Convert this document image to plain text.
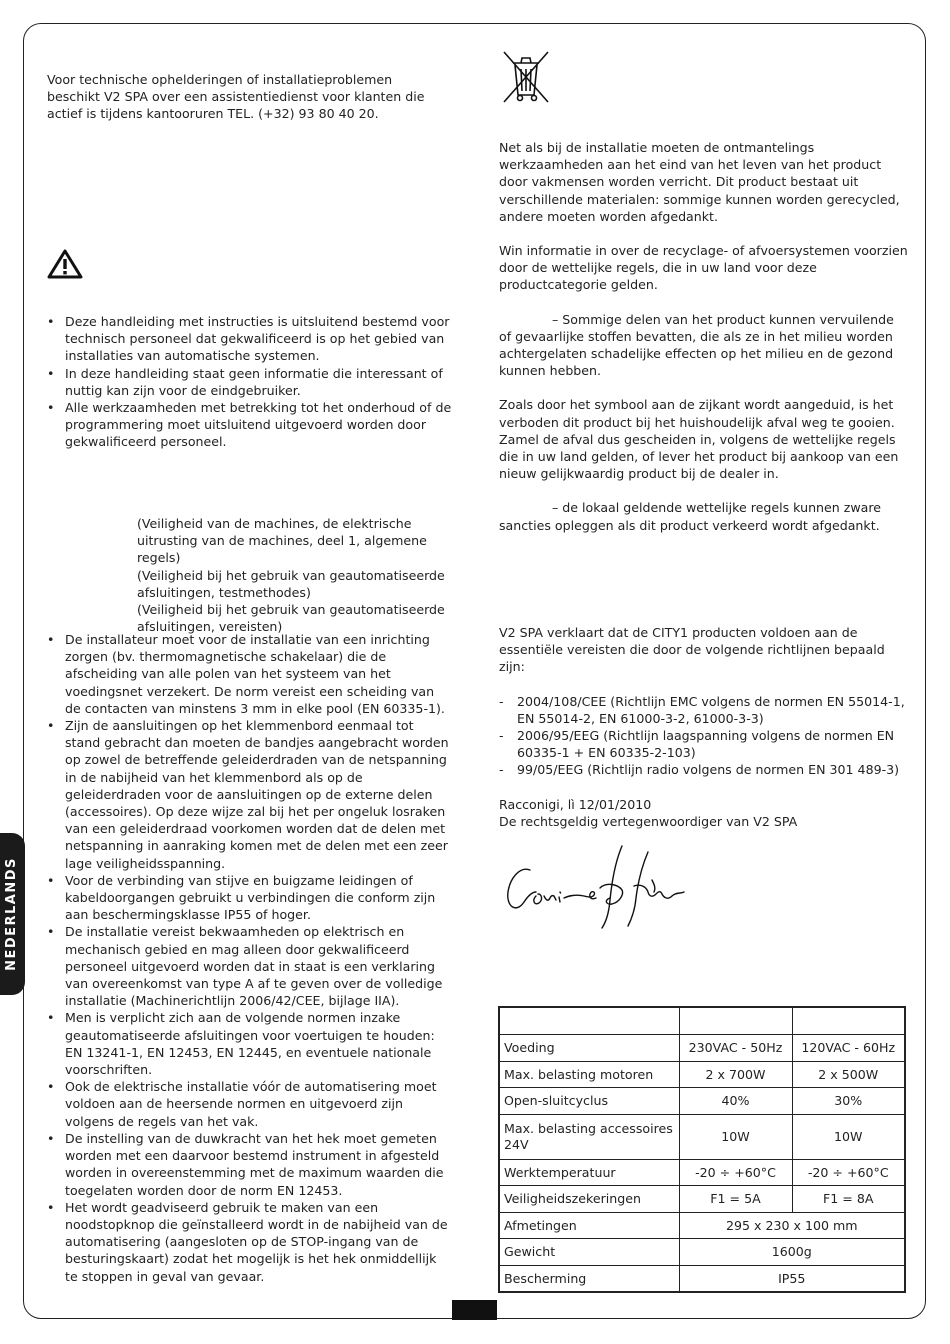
NEDERLANDS

Voor technische ophelderingen of installatieproblemen beschikt V2 SPA over een assistentiedienst voor klanten die actief is tijdens kantooruren TEL. (+32) 93 80 40 20.

• Deze handleiding met instructies is uitsluitend bestemd voor technisch personeel dat gekwalificeerd is op het gebied van installaties van automatische systemen.
• In deze handleiding staat geen informatie die interessant of nuttig kan zijn voor de eindgebruiker.
• Alle werkzaamheden met betrekking tot het onderhoud of de programmering moet uitsluitend uitgevoerd worden door gekwalificeerd personeel.

(Veiligheid van de machines, de elektrische uitrusting van de machines, deel 1, algemene regels)

(Veiligheid bij het gebruik van geautomatiseerde afsluitingen, testmethodes)

(Veiligheid bij het gebruik van geautomatiseerde afsluitingen, vereisten)

• De installateur moet voor de installatie van een inrichting zorgen (bv. thermomagnetische schakelaar) die de afscheiding van alle polen van het systeem van het voedingsnet verzekert. De norm vereist een scheiding van de contacten van minstens 3 mm in elke pool (EN 60335-1).
• Zijn de aansluitingen op het klemmenbord eenmaal tot stand gebracht dan moeten de bandjes aangebracht worden op zowel de betreffende geleiderdraden van de netspanning in de nabijheid van het klemmenbord als op de geleiderdraden voor de aansluitingen op de externe delen (accessoires). Op deze wijze zal bij het per ongeluk losraken van een geleiderdraad voorkomen worden dat de delen met netspanning in aanraking komen met de delen met een zeer lage veiligheidsspanning.
• Voor de verbinding van stijve en buigzame leidingen of kabeldoorgangen gebruikt u verbindingen die conform zijn aan beschermingsklasse IP55 of hoger.
• De installatie vereist bekwaamheden op elektrisch en mechanisch gebied en mag alleen door gekwalificeerd personeel uitgevoerd worden dat in staat is een verklaring van overeenkomst van type A af te geven over de volledige installatie (Machinerichtlijn 2006/42/CEE, bijlage IIA).
• Men is verplicht zich aan de volgende normen inzake geautomatiseerde afsluitingen voor voertuigen te houden: EN 13241-1, EN 12453, EN 12445, en eventuele nationale voorschriften.
• Ook de elektrische installatie vóór de automatisering moet voldoen aan de heersende normen en uitgevoerd zijn volgens de regels van het vak.
• De instelling van de duwkracht van het hek moet gemeten worden met een daarvoor bestemd instrument in afgesteld worden in overeenstemming met de maximum waarden die toegelaten worden door de norm EN 12453.
• Het wordt geadviseerd gebruik te maken van een noodstopknop die geïnstalleerd wordt in de nabijheid van de automatisering (aangesloten op de STOP-ingang van de besturingskaart) zodat het mogelijk is het hek onmiddellijk te stoppen in geval van gevaar.

Net als bij de installatie moeten de ontmantelings werkzaamheden aan het eind van het leven van het product door vakmensen worden verricht. Dit product bestaat uit verschillende materialen: sommige kunnen worden gerecycled, andere moeten worden afgedankt.

Win informatie in over de recyclage- of afvoersystemen voorzien door de wettelijke regels, die in uw land voor deze productcategorie gelden.

– Sommige delen van het product kunnen vervuilende of gevaarlijke stoffen bevatten, die als ze in het milieu worden achtergelaten schadelijke effecten op het milieu en de gezond kunnen hebben.

Zoals door het symbool aan de zijkant wordt aangeduid, is het verboden dit product bij het huishoudelijk afval weg te gooien. Zamel de afval dus gescheiden in, volgens de wettelijke regels die in uw land gelden, of lever het product bij aankoop van een nieuw gelijkwaardig product bij de dealer in.

– de lokaal geldende wettelijke regels kunnen zware sancties opleggen als dit product verkeerd wordt afgedankt.

V2 SPA verklaart dat de CITY1 producten voldoen aan de essentiële vereisten die door de volgende richtlijnen bepaald zijn:

- 2004/108/CEE (Richtlijn EMC volgens de normen EN 55014-1, EN 55014-2, EN 61000-3-2, 61000-3-3)
- 2006/95/EEG (Richtlijn laagspanning volgens de normen EN 60335-1 + EN 60335-2-103)
- 99/05/EEG (Richtlijn radio volgens de normen EN 301 489-3)

Racconigi, lì 12/01/2010

De rechtsgeldig vertegenwoordiger van V2 SPA

Voeding	230VAC - 50Hz	120VAC - 60Hz
Max. belasting motoren	2 x 700W	2 x 500W
Open-sluitcyclus	40%	30%
Max. belasting accessoires 24V	10W	10W
Werktemperatuur	-20 ÷ +60°C	-20 ÷ +60°C
Veiligheidszekeringen	F1 = 5A	F1 = 8A
Afmetingen	295 x 230 x 100 mm	
Gewicht	1600g	
Bescherming	IP55	
